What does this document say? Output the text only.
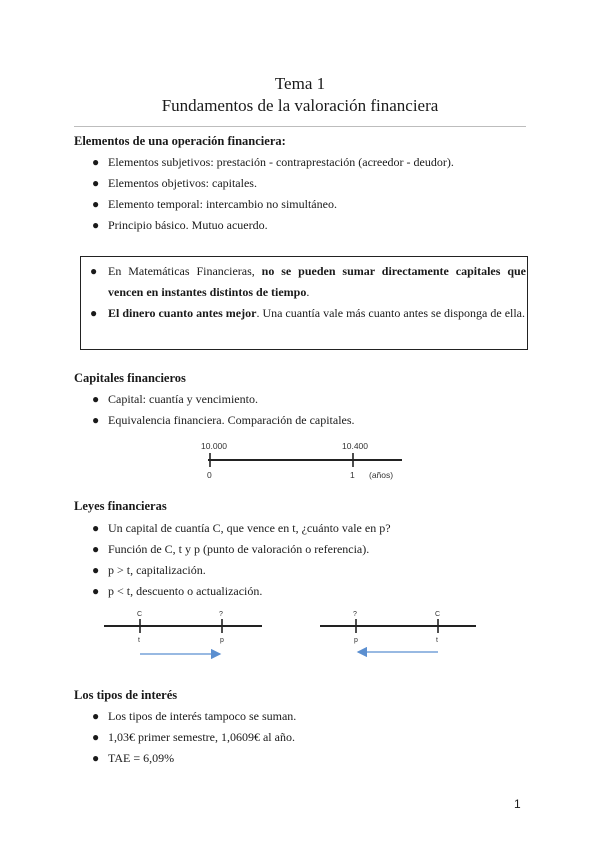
Tema 1
Fundamentos de la valoración financiera
Elementos de una operación financiera:
● Elementos subjetivos: prestación - contraprestación (acreedor - deudor).
● Elementos objetivos: capitales.
● Elemento temporal: intercambio no simultáneo.
● Principio básico. Mutuo acuerdo.
● En Matemáticas Financieras, no se pueden sumar directamente capitales que vencen en instantes distintos de tiempo.
● El dinero cuanto antes mejor. Una cuantía vale más cuanto antes se disponga de ella.
Capitales financieros
● Capital: cuantía y vencimiento.
● Equivalencia financiera. Comparación de capitales.
Leyes financieras
● Un capital de cuantía C, que vence en t, ¿cuánto vale en p?
● Función de C, t y p (punto de valoración o referencia).
● p > t, capitalización.
● p < t, descuento o actualización.
Los tipos de interés
● Los tipos de interés tampoco se suman.
● 1,03€ primer semestre, 1,0609€ al año.
● TAE = 6,09%
10.000	10.400
0	1 (años)
C	?
t	p
?	C
p	t
1
